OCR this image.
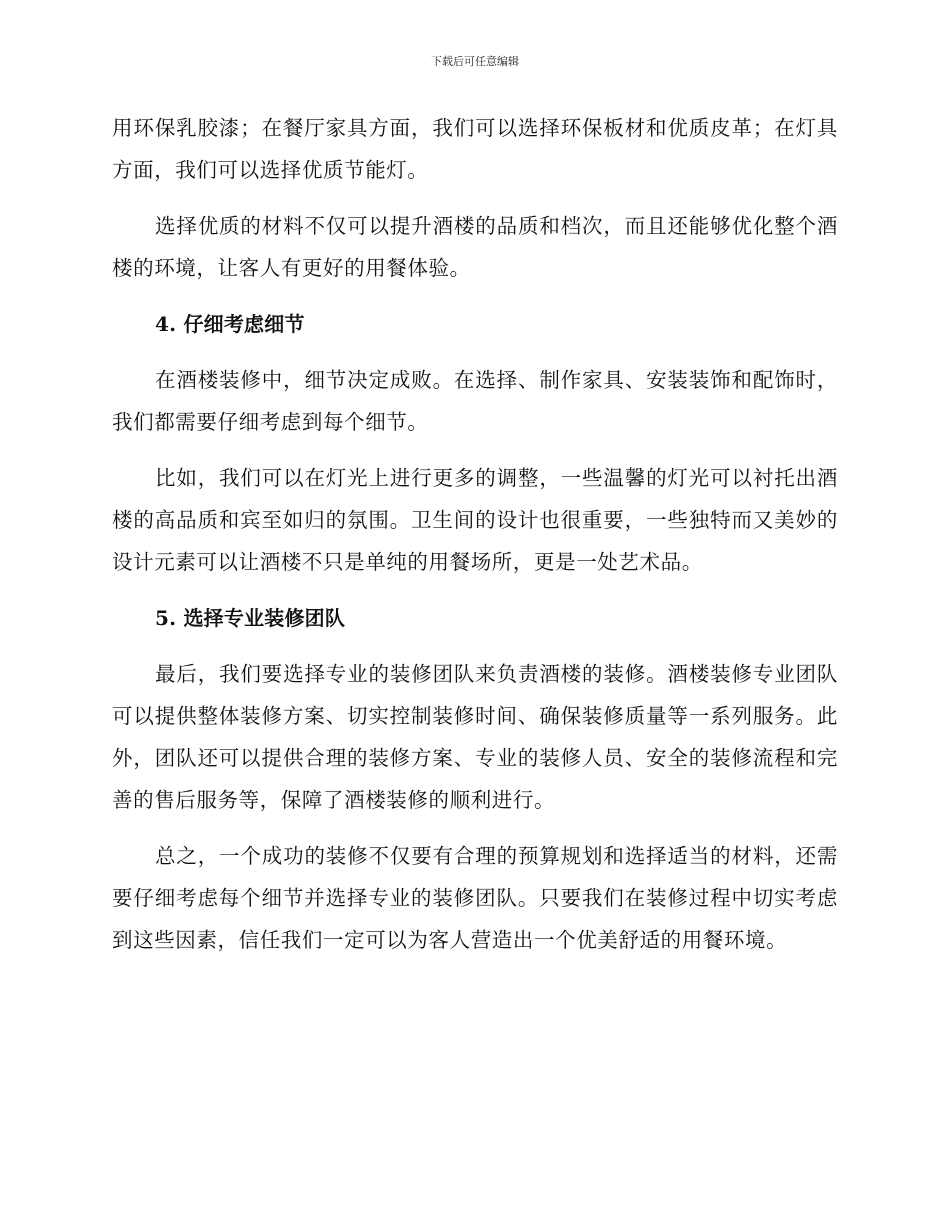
下载后可任意编辑

用环保乳胶漆；在餐厅家具方面，我们可以选择环保板材和优质皮革；在灯具方面，我们可以选择优质节能灯。

选择优质的材料不仅可以提升酒楼的品质和档次，而且还能够优化整个酒楼的环境，让客人有更好的用餐体验。

4. 仔细考虑细节

在酒楼装修中，细节决定成败。在选择、制作家具、安装装饰和配饰时，我们都需要仔细考虑到每个细节。

比如，我们可以在灯光上进行更多的调整，一些温馨的灯光可以衬托出酒楼的高品质和宾至如归的氛围。卫生间的设计也很重要，一些独特而又美妙的设计元素可以让酒楼不只是单纯的用餐场所，更是一处艺术品。

5. 选择专业装修团队

最后，我们要选择专业的装修团队来负责酒楼的装修。酒楼装修专业团队可以提供整体装修方案、切实控制装修时间、确保装修质量等一系列服务。此外，团队还可以提供合理的装修方案、专业的装修人员、安全的装修流程和完善的售后服务等，保障了酒楼装修的顺利进行。

总之，一个成功的装修不仅要有合理的预算规划和选择适当的材料，还需要仔细考虑每个细节并选择专业的装修团队。只要我们在装修过程中切实考虑到这些因素，信任我们一定可以为客人营造出一个优美舒适的用餐环境。
